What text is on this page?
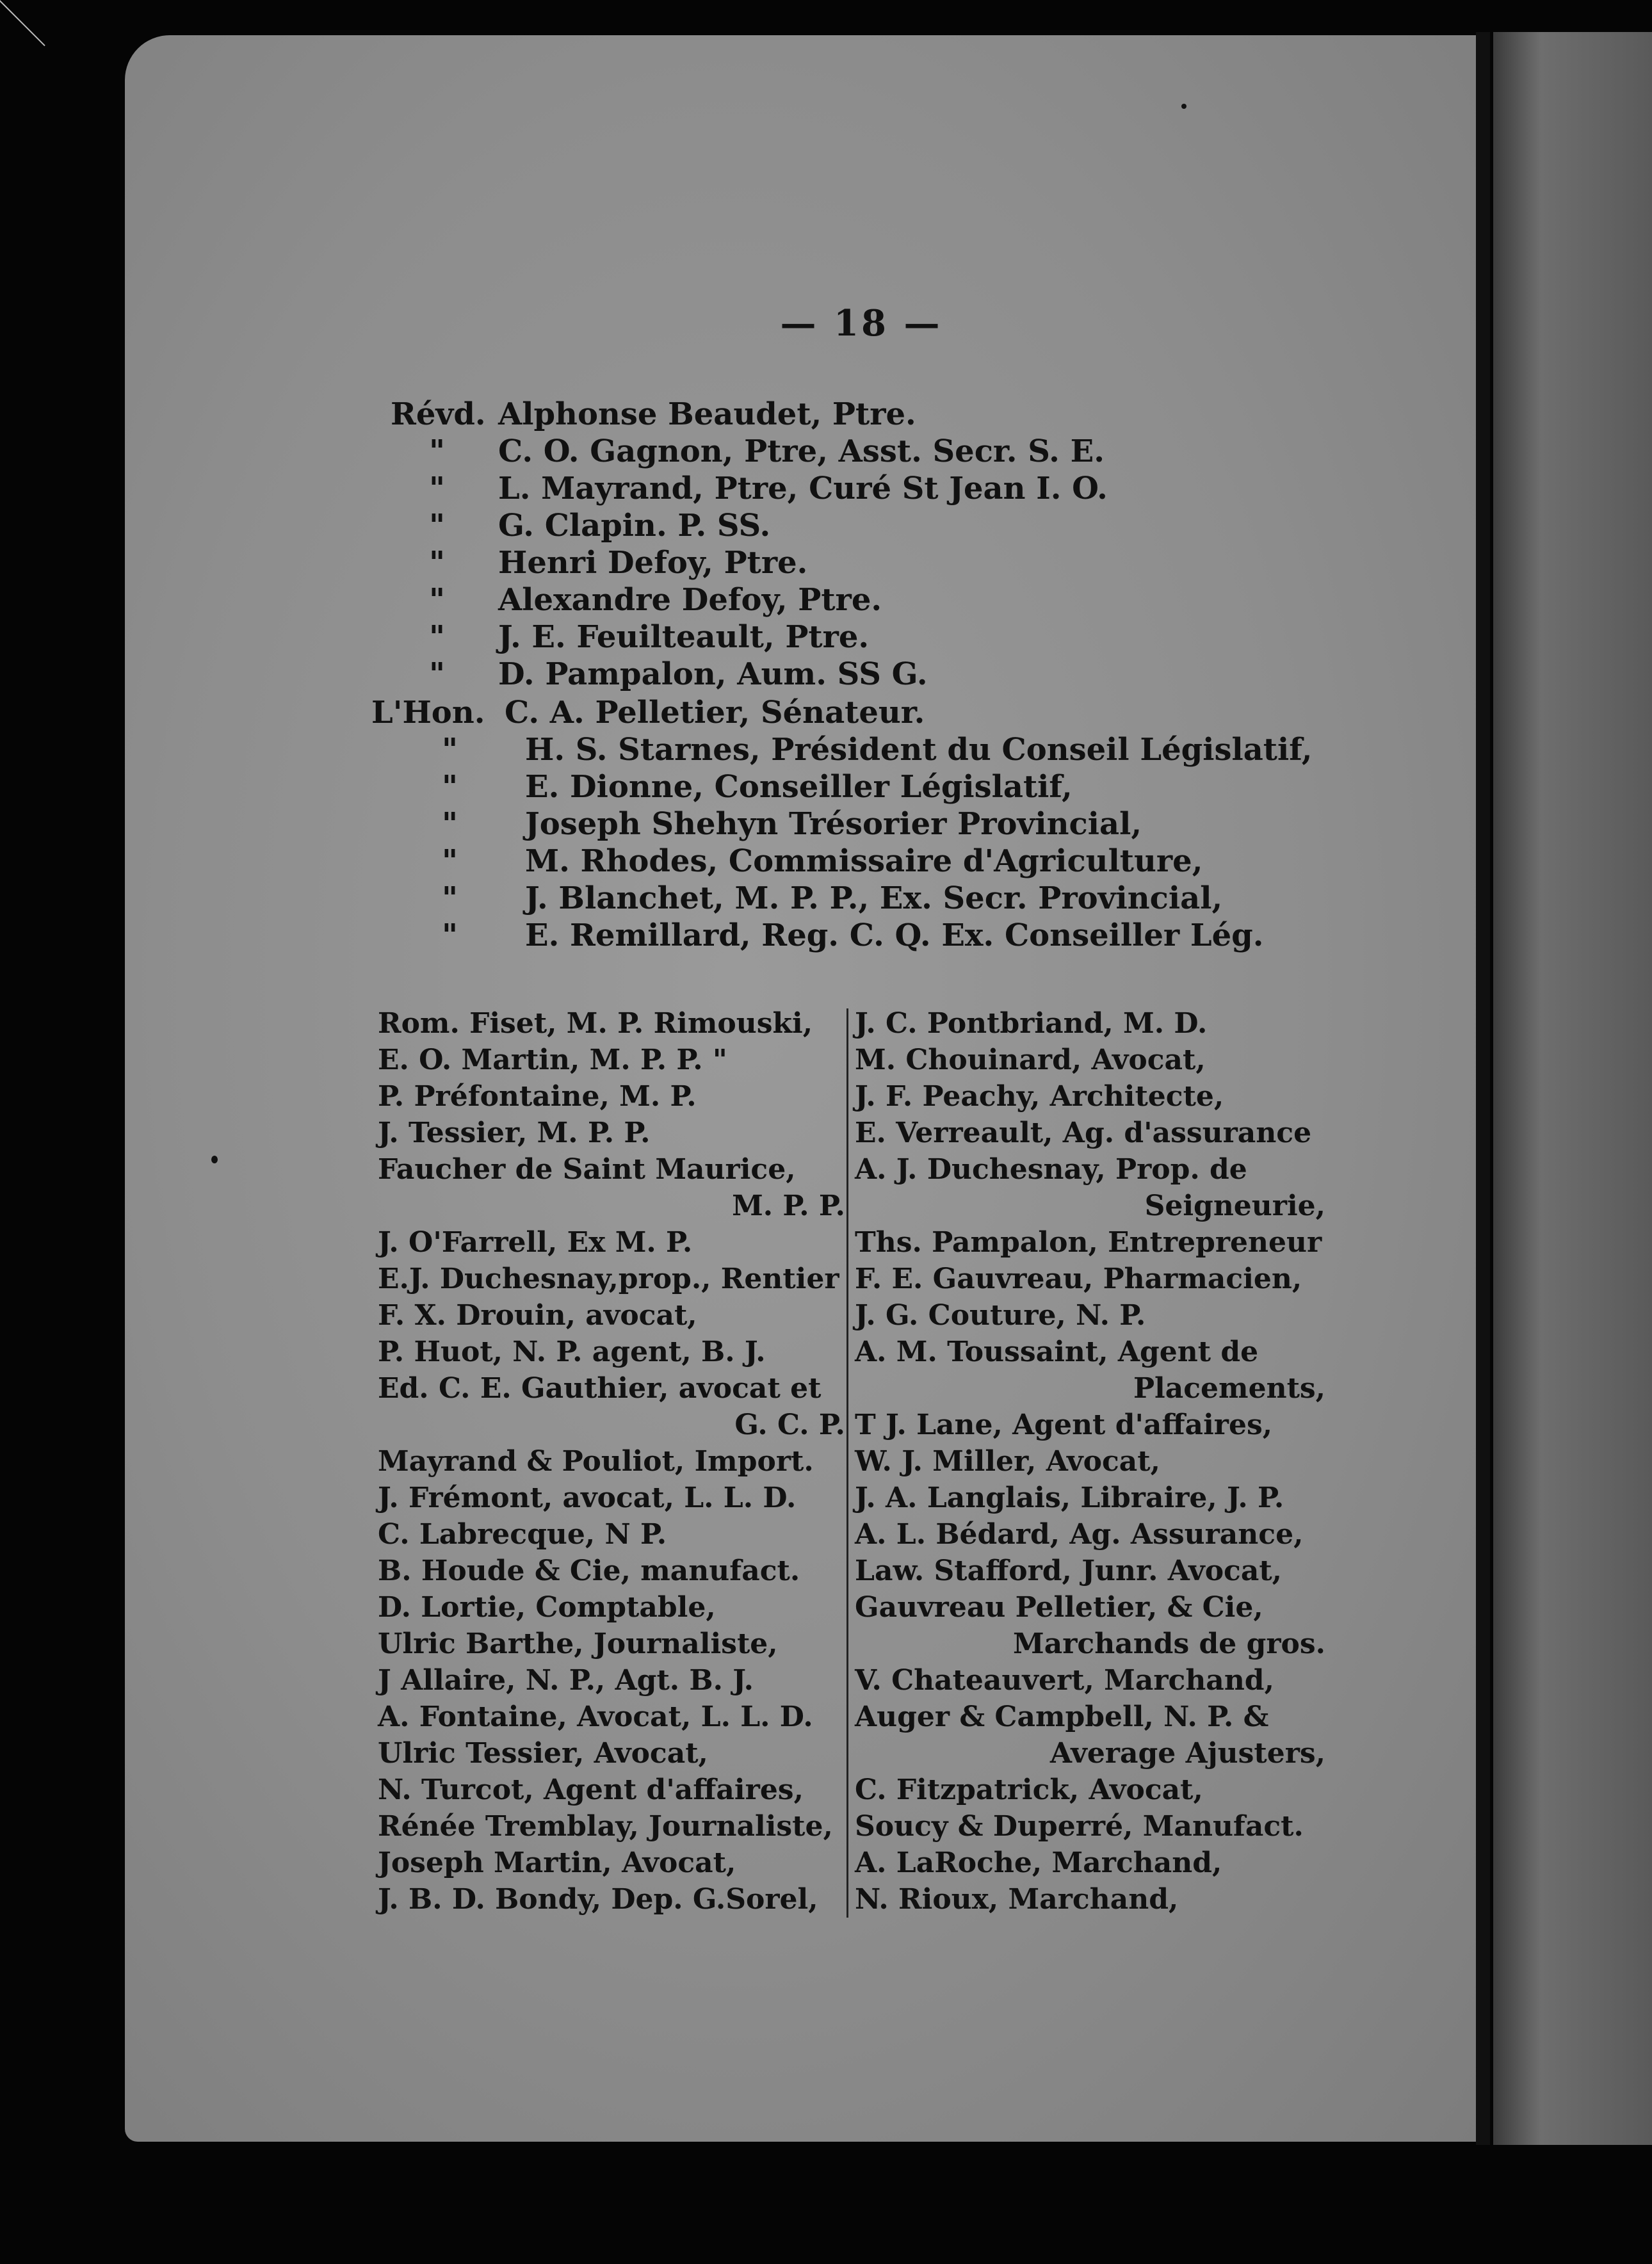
— 18 —
Révd. Alphonse Beaudet, Ptre.
" C. O. Gagnon, Ptre, Asst. Secr. S. E.
" L. Mayrand, Ptre, Curé St Jean I. O.
" G. Clapin. P. SS.
" Henri Defoy, Ptre.
" Alexandre Defoy, Ptre.
" J. E. Feuilteault, Ptre.
" D. Pampalon, Aum. SS G.
L'Hon. C. A. Pelletier, Sénateur.
" H. S. Starnes, Président du Conseil Législatif,
" E. Dionne, Conseiller Législatif,
" Joseph Shehyn Trésorier Provincial,
" M. Rhodes, Commissaire d'Agriculture,
" J. Blanchet, M. P. P., Ex. Secr. Provincial,
" E. Remillard, Reg. C. Q. Ex. Conseiller Lég.
Rom. Fiset, M. P. Rimouski,
E. O. Martin, M. P. P. "
P. Préfontaine, M. P.
J. Tessier, M. P. P.
Faucher de Saint Maurice,
M. P. P.
J. O'Farrell, Ex M. P.
E.J. Duchesnay,prop., Rentier
F. X. Drouin, avocat,
P. Huot, N. P. agent, B. J.
Ed. C. E. Gauthier, avocat et
G. C. P.
Mayrand & Pouliot, Import.
J. Frémont, avocat, L. L. D.
C. Labrecque, N P.
B. Houde & Cie, manufact.
D. Lortie, Comptable,
Ulric Barthe, Journaliste,
J Allaire, N. P., Agt. B. J.
A. Fontaine, Avocat, L. L. D.
Ulric Tessier, Avocat,
N. Turcot, Agent d'affaires,
Rénée Tremblay, Journaliste,
Joseph Martin, Avocat,
J. B. D. Bondy, Dep. G.Sorel,
J. C. Pontbriand, M. D.
M. Chouinard, Avocat,
J. F. Peachy, Architecte,
E. Verreault, Ag. d'assurance
A. J. Duchesnay, Prop. de
Seigneurie,
Ths. Pampalon, Entrepreneur
F. E. Gauvreau, Pharmacien,
J. G. Couture, N. P.
A. M. Toussaint, Agent de
Placements,
T J. Lane, Agent d'affaires,
W. J. Miller, Avocat,
J. A. Langlais, Libraire, J. P.
A. L. Bédard, Ag. Assurance,
Law. Stafford, Junr. Avocat,
Gauvreau Pelletier, & Cie,
Marchands de gros.
V. Chateauvert, Marchand,
Auger & Campbell, N. P. &
Average Ajusters,
C. Fitzpatrick, Avocat,
Soucy & Duperré, Manufact.
A. LaRoche, Marchand,
N. Rioux, Marchand,
